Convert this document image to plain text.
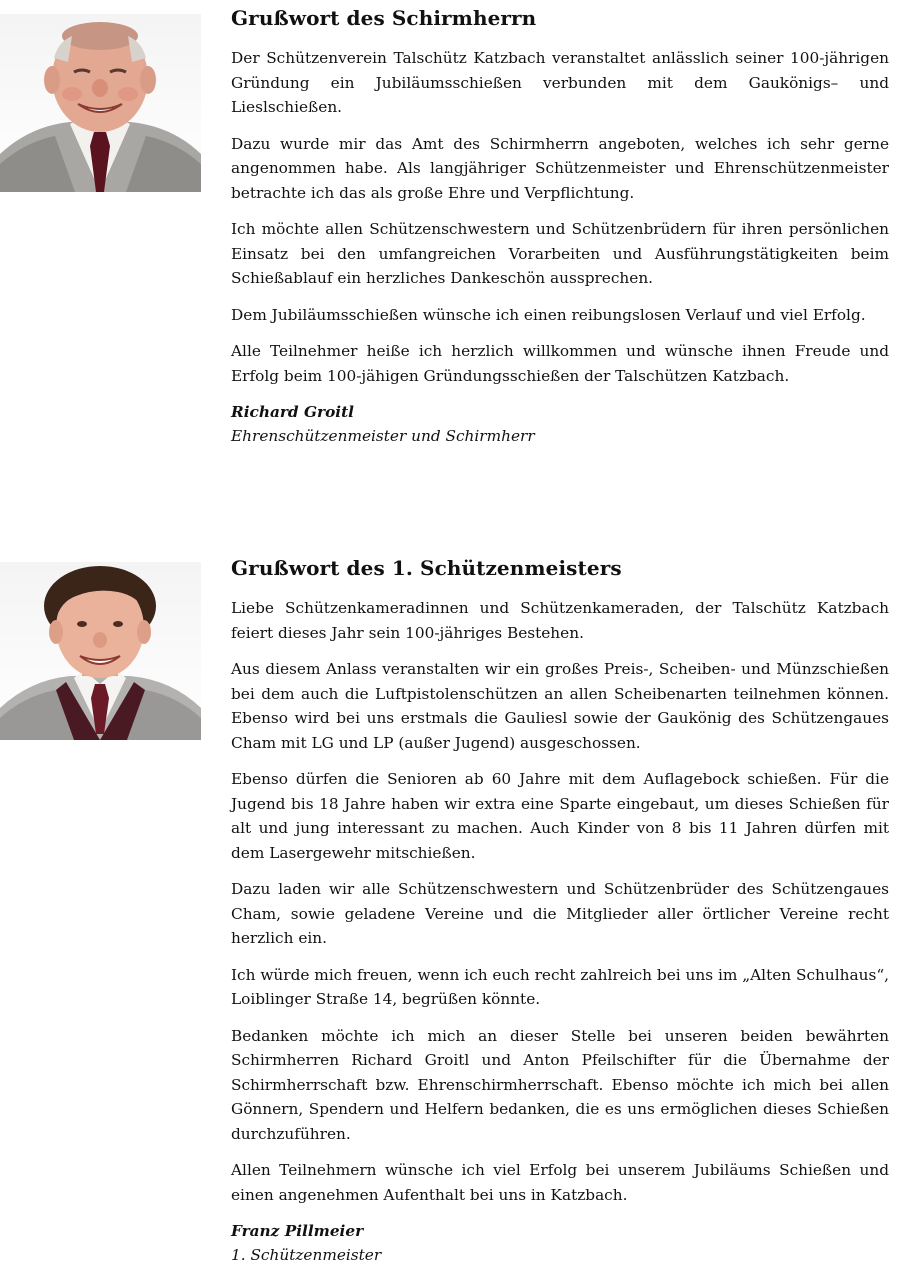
Grußwort des Schirmherrn

Der Schützenverein Talschütz Katzbach veranstaltet anlässlich seiner 100-jährigen Gründung ein Jubiläumsschießen verbunden mit dem Gaukönigs– und Lieslschießen.

Dazu wurde mir das Amt des Schirmherrn angeboten, welches ich sehr gerne angenommen habe. Als langjähriger Schützenmeister und Ehrenschützenmeister betrachte ich das als große Ehre und Verpflichtung.

Ich möchte allen Schützenschwestern und Schützenbrüdern für ihren persönlichen Einsatz bei den umfangreichen Vorarbeiten und Ausführungstätigkeiten beim Schießablauf ein herzliches Dankeschön aussprechen.

Dem Jubiläumsschießen wünsche ich einen reibungslosen Verlauf und viel Erfolg.

Alle Teilnehmer heiße ich herzlich willkommen und wünsche ihnen Freude und Erfolg beim 100-jähigen Gründungsschießen der Talschützen Katzbach.

Richard Groitl
Ehrenschützenmeister und Schirmherr
Grußwort des 1. Schützenmeisters

Liebe Schützenkameradinnen und Schützenkameraden, der Talschütz Katzbach feiert dieses Jahr sein 100-jähriges Bestehen.

Aus diesem Anlass veranstalten wir ein großes Preis-, Scheiben- und Münzschießen bei dem auch die Luftpistolenschützen an allen Scheibenarten teilnehmen können. Ebenso wird bei uns erstmals die Gauliesl sowie der Gaukönig des Schützengaues Cham mit LG und LP (außer Jugend) ausgeschossen.

Ebenso dürfen die Senioren ab 60 Jahre mit dem Auflagebock schießen. Für die Jugend bis 18 Jahre haben wir extra eine Sparte eingebaut, um dieses Schießen für alt und jung interessant zu machen. Auch Kinder von 8 bis 11 Jahren dürfen mit dem Lasergewehr mitschießen.

Dazu laden wir alle Schützenschwestern und Schützenbrüder des Schützengaues Cham, sowie geladene Vereine und die Mitglieder aller örtlicher Vereine recht herzlich ein.

Ich würde mich freuen, wenn ich euch recht zahlreich bei uns im „Alten Schulhaus“, Loiblinger Straße 14, begrüßen könnte.

Bedanken möchte ich mich an dieser Stelle bei unseren beiden bewährten Schirmherren Richard Groitl und Anton Pfeilschifter für die Übernahme der Schirmherrschaft bzw. Ehrenschirmherrschaft. Ebenso möchte ich mich bei allen Gönnern, Spendern und Helfern bedanken, die es uns ermöglichen dieses Schießen durchzuführen.

Allen Teilnehmern wünsche ich viel Erfolg bei unserem Jubiläums Schießen und einen angenehmen Aufenthalt bei uns in Katzbach.

Franz Pillmeier
1. Schützenmeister
